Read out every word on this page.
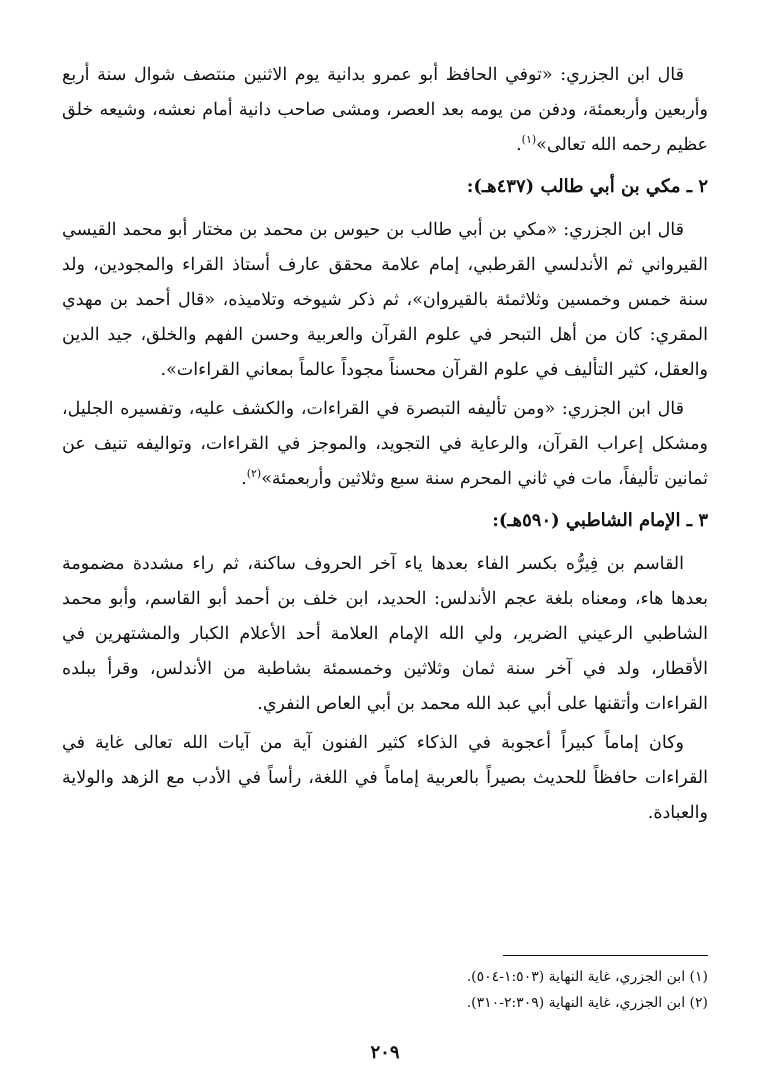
قال ابن الجزري: «توفي الحافظ أبو عمرو بدانية يوم الاثنين منتصف شوال سنة أربع وأربعين وأربعمئة، ودفن من يومه بعد العصر، ومشى صاحب دانية أمام نعشه، وشيعه خلق عظيم رحمه الله تعالى»$^{(١)}$.

٢ ـ مكي بن أبي طالب (٤٣٧هـ):

قال ابن الجزري: «مكي بن أبي طالب بن حيوس بن محمد بن مختار أبو محمد القيسي القيرواني ثم الأندلسي القرطبي، إمام علامة محقق عارف أستاذ القراء والمجودين، ولد سنة خمس وخمسين وثلاثمئة بالقيروان»، ثم ذكر شيوخه وتلاميذه، «قال أحمد بن مهدي المقري: كان من أهل التبحر في علوم القرآن والعربية وحسن الفهم والخلق، جيد الدين والعقل، كثير التأليف في علوم القرآن محسناً مجوداً عالماً بمعاني القراءات».

قال ابن الجزري: «ومن تأليفه التبصرة في القراءات، والكشف عليه، وتفسيره الجليل، ومشكل إعراب القرآن، والرعاية في التجويد، والموجز في القراءات، وتواليفه تنيف عن ثمانين تأليفاً، مات في ثاني المحرم سنة سبع وثلاثين وأربعمئة»$^{(٢)}$.

٣ ـ الإمام الشاطبي (٥٩٠هـ):

القاسم بن فِيرُّه بكسر الفاء بعدها ياء آخر الحروف ساكنة، ثم راء مشددة مضمومة بعدها هاء، ومعناه بلغة عجم الأندلس: الحديد، ابن خلف بن أحمد أبو القاسم، وأبو محمد الشاطبي الرعيني الضرير، ولي الله الإمام العلامة أحد الأعلام الكبار والمشتهرين في الأقطار، ولد في آخر سنة ثمان وثلاثين وخمسمئة بشاطبة من الأندلس، وقرأ ببلده القراءات وأتقنها على أبي عبد الله محمد بن أبي العاص النفري.

وكان إماماً كبيراً أعجوبة في الذكاء كثير الفنون آية من آيات الله تعالى غاية في القراءات حافظاً للحديث بصيراً بالعربية إماماً في اللغة، رأساً في الأدب مع الزهد والولاية والعبادة.

(١) ابن الجزري، غاية النهاية (١:٥٠٣-٥٠٤).

(٢) ابن الجزري، غاية النهاية (٢:٣٠٩-٣١٠).

٢٠٩
